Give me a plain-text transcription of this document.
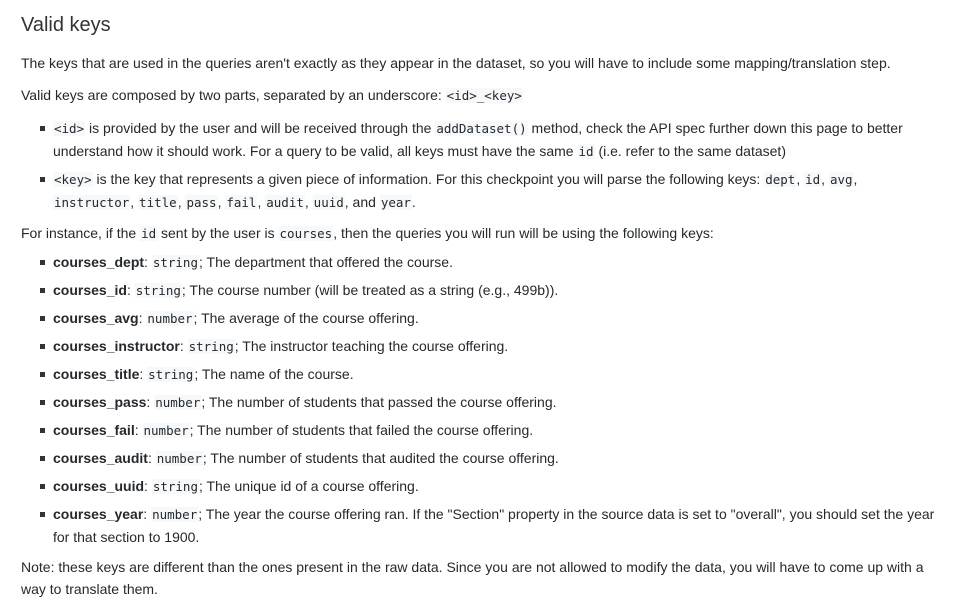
Valid keys

The keys that are used in the queries aren't exactly as they appear in the dataset, so you will have to include some mapping/translation step.

Valid keys are composed by two parts, separated by an underscore: <id>_<key>

<id> is provided by the user and will be received through the addDataset() method, check the API spec further down this page to better understand how it should work. For a query to be valid, all keys must have the same id (i.e. refer to the same dataset)
<key> is the key that represents a given piece of information. For this checkpoint you will parse the following keys: dept, id, avg, instructor, title, pass, fail, audit, uuid, and year.

For instance, if the id sent by the user is courses, then the queries you will run will be using the following keys:

courses_dept: string; The department that offered the course.
courses_id: string; The course number (will be treated as a string (e.g., 499b)).
courses_avg: number; The average of the course offering.
courses_instructor: string; The instructor teaching the course offering.
courses_title: string; The name of the course.
courses_pass: number; The number of students that passed the course offering.
courses_fail: number; The number of students that failed the course offering.
courses_audit: number; The number of students that audited the course offering.
courses_uuid: string; The unique id of a course offering.
courses_year: number; The year the course offering ran. If the "Section" property in the source data is set to "overall", you should set the year for that section to 1900.

Note: these keys are different than the ones present in the raw data. Since you are not allowed to modify the data, you will have to come up with a way to translate them.
